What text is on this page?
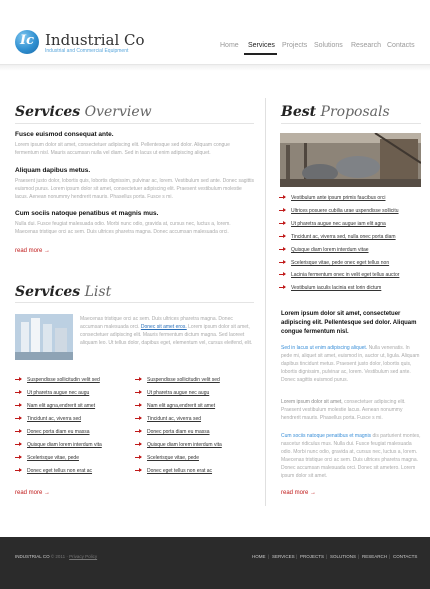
Ic Industrial Co
Industrial and Commercial Equipment
Home Services Projects Solutions Research Contacts
Services Overview
Fusce euismod consequat ante.
Lorem ipsum dolor sit amet, consectetuer adipiscing elit. Pellentesque sed dolor. Aliquam congue fermentum nisl. Mauris accumsan nulla vel diam. Sed in lacus ut enim adipiscing aliquet.
Aliquam dapibus metus.
Praesent justo dolor, lobortis quis, lobortis dignissim, pulvinar ac, lorem. Vestibulum sed ante. Donec sagittis euismod purus. Lorem ipsum dolor sit amet, consectetuer adipiscing elit. Praesent vestibulum molestie lacus. Aenean nonummy hendrerit mauris. Phasellus porta. Fusce s mi.
Cum sociis natoque penatibus et magnis mus.
Nulla dui. Fusce feugiat malesuada odio. Morbi nunc odio, gravida at, cursus nec, luctus a, lorem. Maecenas tristique orci ac sem. Duis ultrices pharetra magna. Donec accumsan malesuada orci.
read more →
Services List
Maecenas tristique orci ac sem. Duis ultrices pharetra magna. Donec accumsan malesuada orci. Donec sit amet eros. Lorem ipsum dolor sit amet, consectetuer adipiscing elit. Mauris fermentum dictum magna. Sed laoreet aliquam leo. Ut tellus dolor, dapibus eget, elementum vel, cursus eleifend, elit.
Suspendisse sollicitudin velit sed
Ut pharetra augue nec augu
Nam elit agna,endrerit sit amet
Tincidunt ac, viverra sed
Donec porta diam eu massa
Quisque diam lorem interdum vita
Scelerisque vitae, pede
Donec eget tellus non erat ac
Suspendisse sollicitudin velit sed
Ut pharetra augue nec augu
Nam elit agna,endrerit sit amet
Tincidunt ac, viverra sed
Donec porta diam eu massa
Quisque diam lorem interdum vita
Scelerisque vitae, pede
Donec eget tellus non erat ac
read more →
Best Proposals
Vestibulum ante ipsum primis faucibus orci
Ultrices posuere cubilia urae uspendisse sollicitu
Ut pharetra augue nec augue iam elit agna
Tincidunt ac, viverra sed, nulla onec porta diam
Quisque diam lorem interdum vitae
Scelerisque vitae, pede onec eget tellus non
Lacinia fermentum onec in velit eget tellus auctor
Vestibulum iaculis lacinia est lorin dictum
Lorem ipsum dolor sit amet, consectetuer adipiscing elit. Pellentesque sed dolor. Aliquam congue fermentum nisl.
Sed in lacus ut enim adipiscing aliquet. Nulla venenatis. In pede mi, aliquet sit amet, euismod in, auctor ut, ligula. Aliquam dapibus tincidunt metus. Praesent justo dolor, lobortis quis, lobortis dignissim, pulvinar ac, lorem. Vestibulum sed ante. Donec sagittis euismod purus.
Lorem ipsum dolor sit amet, consectetuer adipiscing elit. Praesent vestibulum molestie lacus. Aenean nonummy hendrerit mauris. Phasellus porta. Fusce s mi.
Cum sociis natoque penatibus et magnis dis parturient montes, nascetur ridiculus mus. Nulla dui. Fusce feugiat malesuada odio. Morbi nunc odio, gravida at, cursus nec, luctus a, lorem. Maecenas tristique orci ac sem. Duis ultrices pharetra magna. Donec accumsan malesuada orci. Donec sit ametero. Lorem ipsum dolor sit amet.
read more →
INDUSTRIAL CO © 2011 · Privacy Policy	HOME | SERVICES | PROJECTS | SOLUTIONS | RESEARCH | CONTACTS
